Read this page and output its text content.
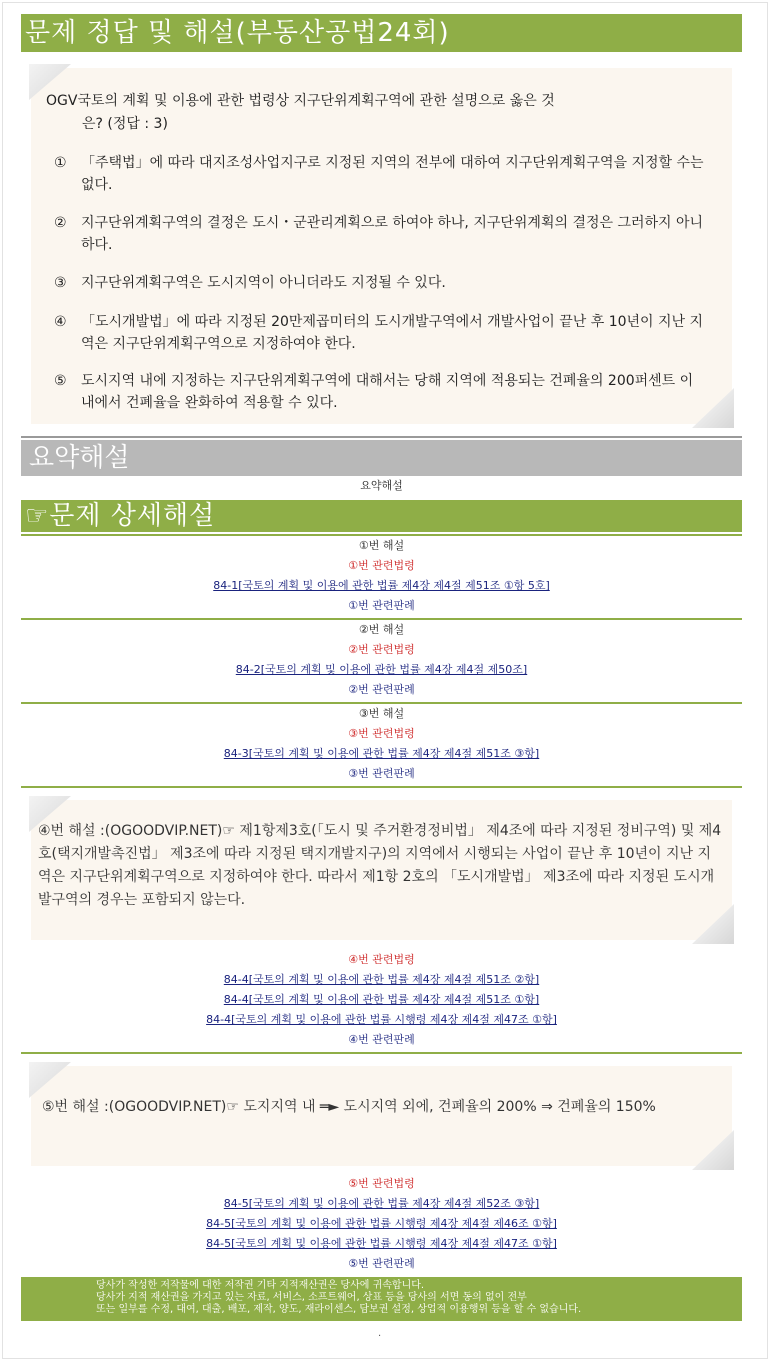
문제 정답 및 해설(부동산공법24회)
OGV국토의 계획 및 이용에 관한 법령상 지구단위계획구역에 관한 설명으로 옳은 것
은? (정답 : 3)
① 「주택법」에 따라 대지조성사업지구로 지정된 지역의 전부에 대하여 지구단위계획구역을 지정할 수는 없다.
② 지구단위계획구역의 결정은 도시・군관리계획으로 하여야 하나, 지구단위계획의 결정은 그러하지 아니하다.
③ 지구단위계획구역은 도시지역이 아니더라도 지정될 수 있다.
④ 「도시개발법」에 따라 지정된 20만제곱미터의 도시개발구역에서 개발사업이 끝난 후 10년이 지난 지역은 지구단위계획구역으로 지정하여야 한다.
⑤ 도시지역 내에 지정하는 지구단위계획구역에 대해서는 당해 지역에 적용되는 건폐율의 200퍼센트 이내에서 건폐율을 완화하여 적용할 수 있다.
요약해설
요약해설
☞문제 상세해설
①번 해설
①번 관련법령
84-1[국토의 계획 및 이용에 관한 법률 제4장 제4절 제51조 ①항 5호]
①번 관련판례
②번 해설
②번 관련법령
84-2[국토의 계획 및 이용에 관한 법률 제4장 제4절 제50조]
②번 관련판례
③번 해설
③번 관련법령
84-3[국토의 계획 및 이용에 관한 법률 제4장 제4절 제51조 ③항]
③번 관련판례
④번 해설 :(OGOODVIP.NET)☞ 제1항제3호(「도시 및 주거환경정비법」 제4조에 따라 지정된 정비구역) 및 제4호(택지개발촉진법」 제3조에 따라 지정된 택지개발지구)의 지역에서 시행되는 사업이 끝난 후 10년이 지난 지역은 지구단위계획구역으로 지정하여야 한다. 따라서 제1항 2호의 「도시개발법」 제3조에 따라 지정된 도시개발구역의 경우는 포함되지 않는다.
④번 관련법령
84-4[국토의 계획 및 이용에 관한 법률 제4장 제4절 제51조 ②항]
84-4[국토의 계획 및 이용에 관한 법률 제4장 제4절 제51조 ①항]
84-4[국토의 계획 및 이용에 관한 법률 시행령 제4장 제4절 제47조 ①항]
④번 관련판례
⑤번 해설 :(OGOODVIP.NET)☞ 도지지역 내 ═► 도시지역 외에, 건폐율의 200% ⇒ 건폐율의 150%
⑤번 관련법령
84-5[국토의 계획 및 이용에 관한 법률 제4장 제4절 제52조 ③항]
84-5[국토의 계획 및 이용에 관한 법률 시행령 제4장 제4절 제46조 ①항]
84-5[국토의 계획 및 이용에 관한 법률 시행령 제4장 제4절 제47조 ①항]
⑤번 관련판례
당사가 작성한 저작물에 대한 저작권 기타 지적재산권은 당사에 귀속합니다.
당사가 지적 재산권을 가지고 있는 자료, 서비스, 소프트웨어, 상표 등을 당사의 서면 동의 없이 전부
또는 일부를 수정, 대여, 대출, 배포, 제작, 양도, 재라이센스, 담보권 설정, 상업적 이용행위 등을 할 수 없습니다.
.
